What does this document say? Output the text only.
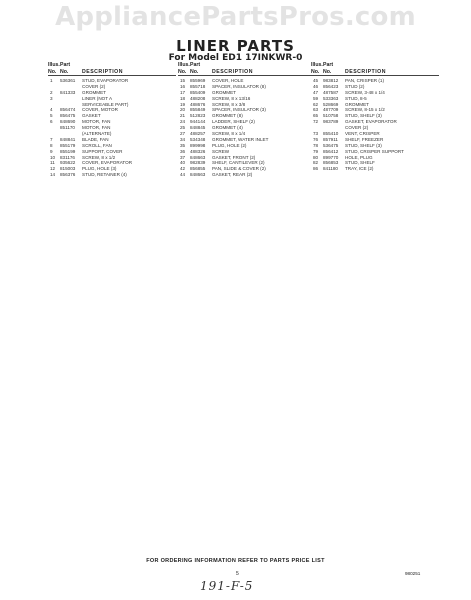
AppliancePartsPros.com
LINER PARTS
For Model ED1 17INKWR-0
Illus. Part
No. No.	DESCRIPTION
1	536361 STUD, EVAPORATOR
COVER (2)
2	841333 GROMMET
3	LINER (NOT A
SERVICEABLE PART)
4	856474 COVER, MOTOR
5	856475 GASKET
6	848690 MOTOR, FAN
851170 MOTOR, FAN
(ALTERNATE)
7	848841 BLADE, FAN
8	855179 SCROLL, FAN
9	855199 SUPPORT, COVER
10	831176 SCREW, 8 x 1/2
11	935622 COVER, EVAPORATOR
12	815003 PLUG, HOLE (3)
14	856376 STUD, RETAINER (4)
Illus. Part
No. No.	DESCRIPTION
15	855969 COVER, HOLE
16	855718 SPACER, INSULATOR (8)
17	855409 GROMMET
18	488208 SCREW, 8 x 13/16
19	488676 SCREW, 8 x 3/8
20	855849 SPACER, INSULATOR (3)
21	512823 GROMMET (8)
24	944144 LADDER, SHELF (2)
25	848845 GROMMET (4)
27	488257 SCREW, 8 x 1/4
34	534348 GROMMET, WATER INLET
35	899998 PLUG, HOLE (2)
36	488326 SCREW
37	848663 GASKET, FRONT (2)
40	982839 SHELF, CANTILEVER (2)
42	856855 PAN, SLIDE & COVER (2)
44	848663 GASKET, REAR (2)
Illus. Part
No. No.	DESCRIPTION
45	983812 PAN, CRISPER (1)
46	856423 STUD (2)
47	487587 SCREW, 3-48 x 1/4
59	533363 STUD, 8-5
62	528669 GROMMET
63	487709 SCREW, 8-15 x 1/2
65	510758 STUD, SHELF (3)
72	983789 GASKET, EVAPORATOR
COVER (2)
73	855410 VENT, CRISPER
76	857911 SHELF, FREEZER
78	536475 STUD, SHELF (3)
79	856412 STUD, CRISPER SUPPORT
80	899770 HOLE, PLUG
82	856853 STUD, SHELF
86	841180 TRAY, ICE (2)
FOR ORDERING INFORMATION REFER TO PARTS PRICE LIST
5	980251
191-F-5
